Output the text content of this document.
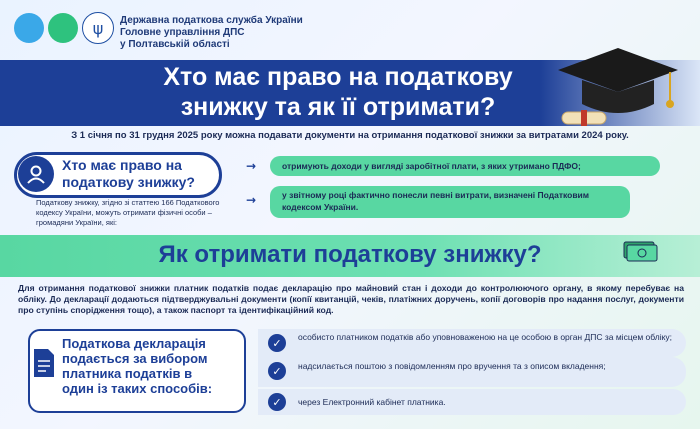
ψ	Державна податкова служба України
Головне управління ДПС
у Полтавській області
Хто має право на податкову
знижку та як її отримати?
З 1 січня по 31 грудня 2025 року можна подавати документи на отримання податкової знижки за витратами 2024 року.
Хто має право на
податкову знижку?
Податкову знижку, згідно зі статтею 166 Податкового кодексу України, можуть отримати фізичні особи – громадяни України, які:
→
→
отримують доходи у вигляді заробітної плати, з яких утримано ПДФО;
у звітному році фактично понесли певні витрати, визначені Податковим кодексом України.
Як отримати податкову знижку?
Для отримання податкової знижки платник податків подає декларацію про майновий стан і доходи до контролюючого органу, в якому перебуває на обліку. До декларації додаються підтверджувальні документи (копії квитанцій, чеків, платіжних доручень, копії договорів про надання послуг, документи про ступінь спорідження тощо), а також паспорт та ідентифікаційний код.
Податкова декларація
подається за вибором
платника податків в
один із таких способів:
✓
✓
✓
особисто платником податків або уповноваженою на це особою в орган ДПС за місцем обліку;
надсилається поштою з повідомленням про вручення та з описом вкладення;
через Електронний кабінет платника.
